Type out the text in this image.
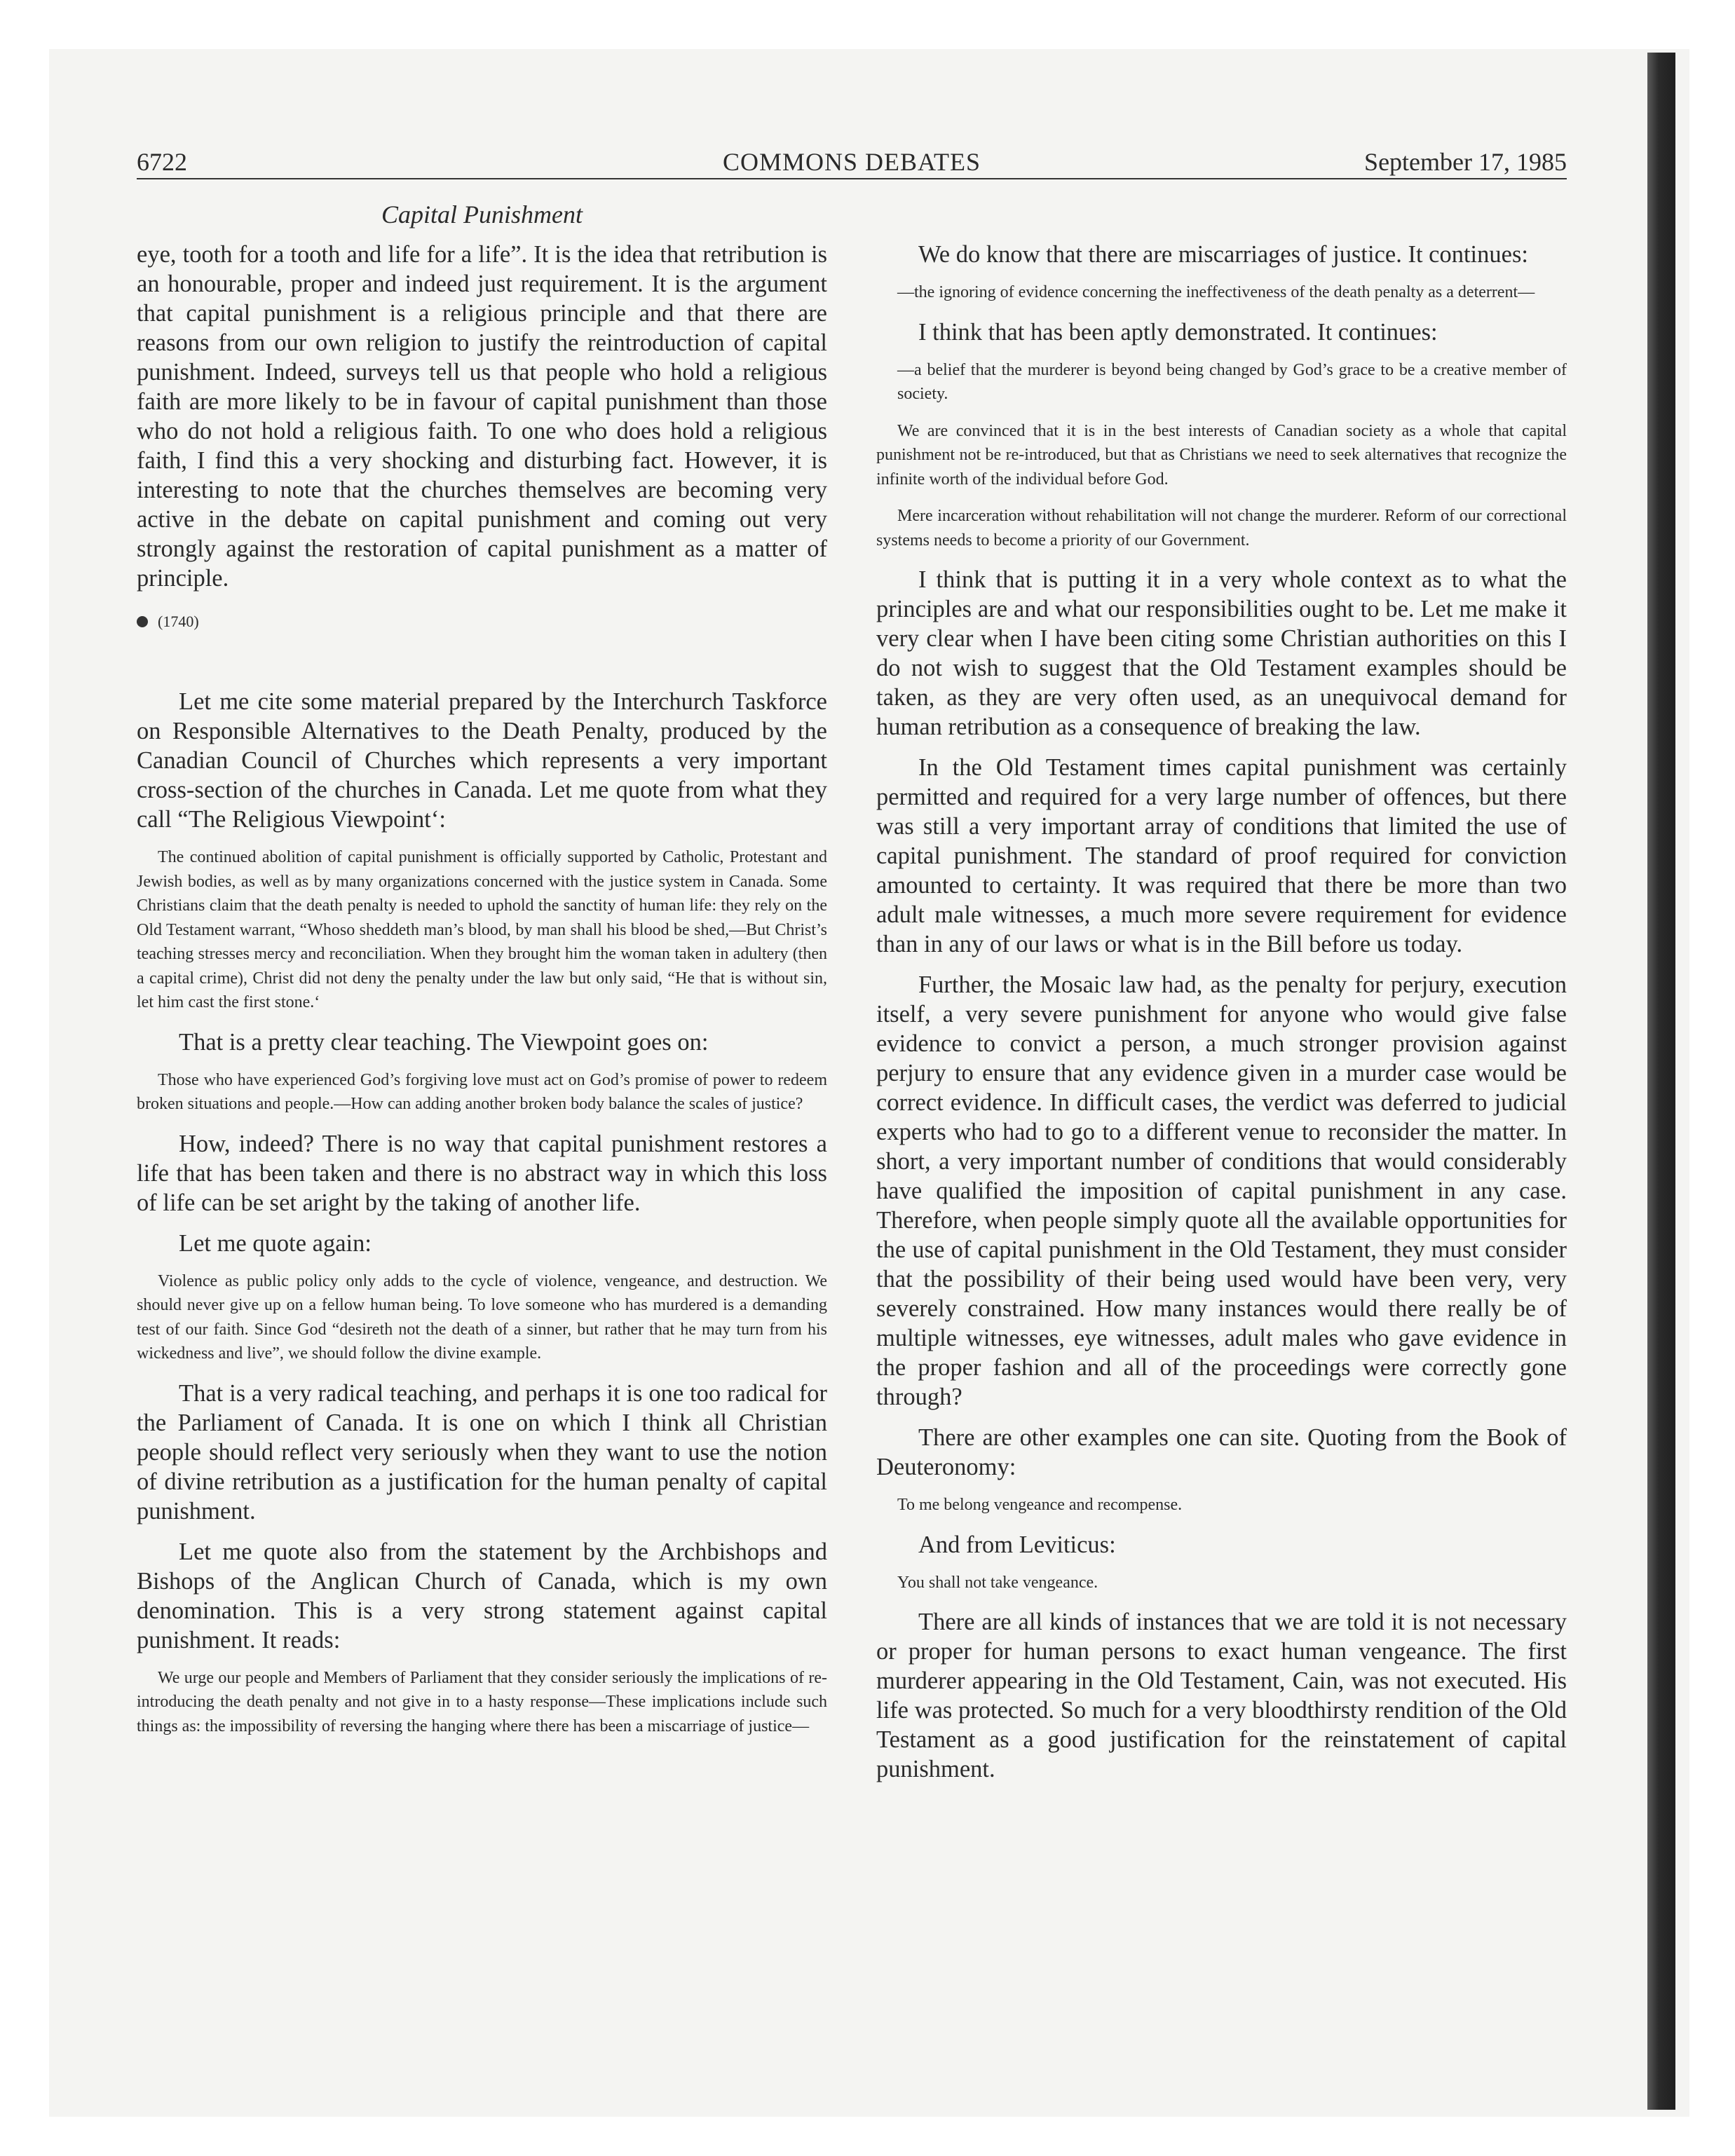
6722	COMMONS DEBATES	September 17, 1985
Capital Punishment

eye, tooth for a tooth and life for a life”. It is the idea that retribution is an honourable, proper and indeed just requirement. It is the argument that capital punishment is a religious principle and that there are reasons from our own religion to justify the reintroduction of capital punishment. Indeed, surveys tell us that people who hold a religious faith are more likely to be in favour of capital punishment than those who do not hold a religious faith. To one who does hold a religious faith, I find this a very shocking and disturbing fact. However, it is interesting to note that the churches themselves are becoming very active in the debate on capital punishment and coming out very strongly against the restoration of capital punishment as a matter of principle.

(1740)

Let me cite some material prepared by the Interchurch Taskforce on Responsible Alternatives to the Death Penalty, produced by the Canadian Council of Churches which represents a very important cross-section of the churches in Canada. Let me quote from what they call “The Religious Viewpoint‘:

The continued abolition of capital punishment is officially supported by Catholic, Protestant and Jewish bodies, as well as by many organizations concerned with the justice system in Canada. Some Christians claim that the death penalty is needed to uphold the sanctity of human life: they rely on the Old Testament warrant, “Whoso sheddeth man’s blood, by man shall his blood be shed,—But Christ’s teaching stresses mercy and reconciliation. When they brought him the woman taken in adultery (then a capital crime), Christ did not deny the penalty under the law but only said, “He that is without sin, let him cast the first stone.‘

That is a pretty clear teaching. The Viewpoint goes on:

Those who have experienced God’s forgiving love must act on God’s promise of power to redeem broken situations and people.—How can adding another broken body balance the scales of justice?

How, indeed? There is no way that capital punishment restores a life that has been taken and there is no abstract way in which this loss of life can be set aright by the taking of another life.

Let me quote again:

Violence as public policy only adds to the cycle of violence, vengeance, and destruction. We should never give up on a fellow human being. To love someone who has murdered is a demanding test of our faith. Since God “desireth not the death of a sinner, but rather that he may turn from his wickedness and live”, we should follow the divine example.

That is a very radical teaching, and perhaps it is one too radical for the Parliament of Canada. It is one on which I think all Christian people should reflect very seriously when they want to use the notion of divine retribution as a justification for the human penalty of capital punishment.

Let me quote also from the statement by the Archbishops and Bishops of the Anglican Church of Canada, which is my own denomination. This is a very strong statement against capital punishment. It reads:

We urge our people and Members of Parliament that they consider seriously the implications of re-introducing the death penalty and not give in to a hasty response—These implications include such things as: the impossibility of reversing the hanging where there has been a miscarriage of justice—

We do know that there are miscarriages of justice. It continues:

—the ignoring of evidence concerning the ineffectiveness of the death penalty as a deterrent—

I think that has been aptly demonstrated. It continues:

—a belief that the murderer is beyond being changed by God’s grace to be a creative member of society.

We are convinced that it is in the best interests of Canadian society as a whole that capital punishment not be re-introduced, but that as Christians we need to seek alternatives that recognize the infinite worth of the individual before God.

Mere incarceration without rehabilitation will not change the murderer. Reform of our correctional systems needs to become a priority of our Government.

I think that is putting it in a very whole context as to what the principles are and what our responsibilities ought to be. Let me make it very clear when I have been citing some Christian authorities on this I do not wish to suggest that the Old Testament examples should be taken, as they are very often used, as an unequivocal demand for human retribution as a consequence of breaking the law.

In the Old Testament times capital punishment was certainly permitted and required for a very large number of offences, but there was still a very important array of conditions that limited the use of capital punishment. The standard of proof required for conviction amounted to certainty. It was required that there be more than two adult male witnesses, a much more severe requirement for evidence than in any of our laws or what is in the Bill before us today.

Further, the Mosaic law had, as the penalty for perjury, execution itself, a very severe punishment for anyone who would give false evidence to convict a person, a much stronger provision against perjury to ensure that any evidence given in a murder case would be correct evidence. In difficult cases, the verdict was deferred to judicial experts who had to go to a different venue to reconsider the matter. In short, a very important number of conditions that would considerably have qualified the imposition of capital punishment in any case. Therefore, when people simply quote all the available opportunities for the use of capital punishment in the Old Testament, they must consider that the possibility of their being used would have been very, very severely constrained. How many instances would there really be of multiple witnesses, eye witnesses, adult males who gave evidence in the proper fashion and all of the proceedings were correctly gone through?

There are other examples one can site. Quoting from the Book of Deuteronomy:

To me belong vengeance and recompense.

And from Leviticus:

You shall not take vengeance.

There are all kinds of instances that we are told it is not necessary or proper for human persons to exact human vengeance. The first murderer appearing in the Old Testament, Cain, was not executed. His life was protected. So much for a very bloodthirsty rendition of the Old Testament as a good justification for the reinstatement of capital punishment.
